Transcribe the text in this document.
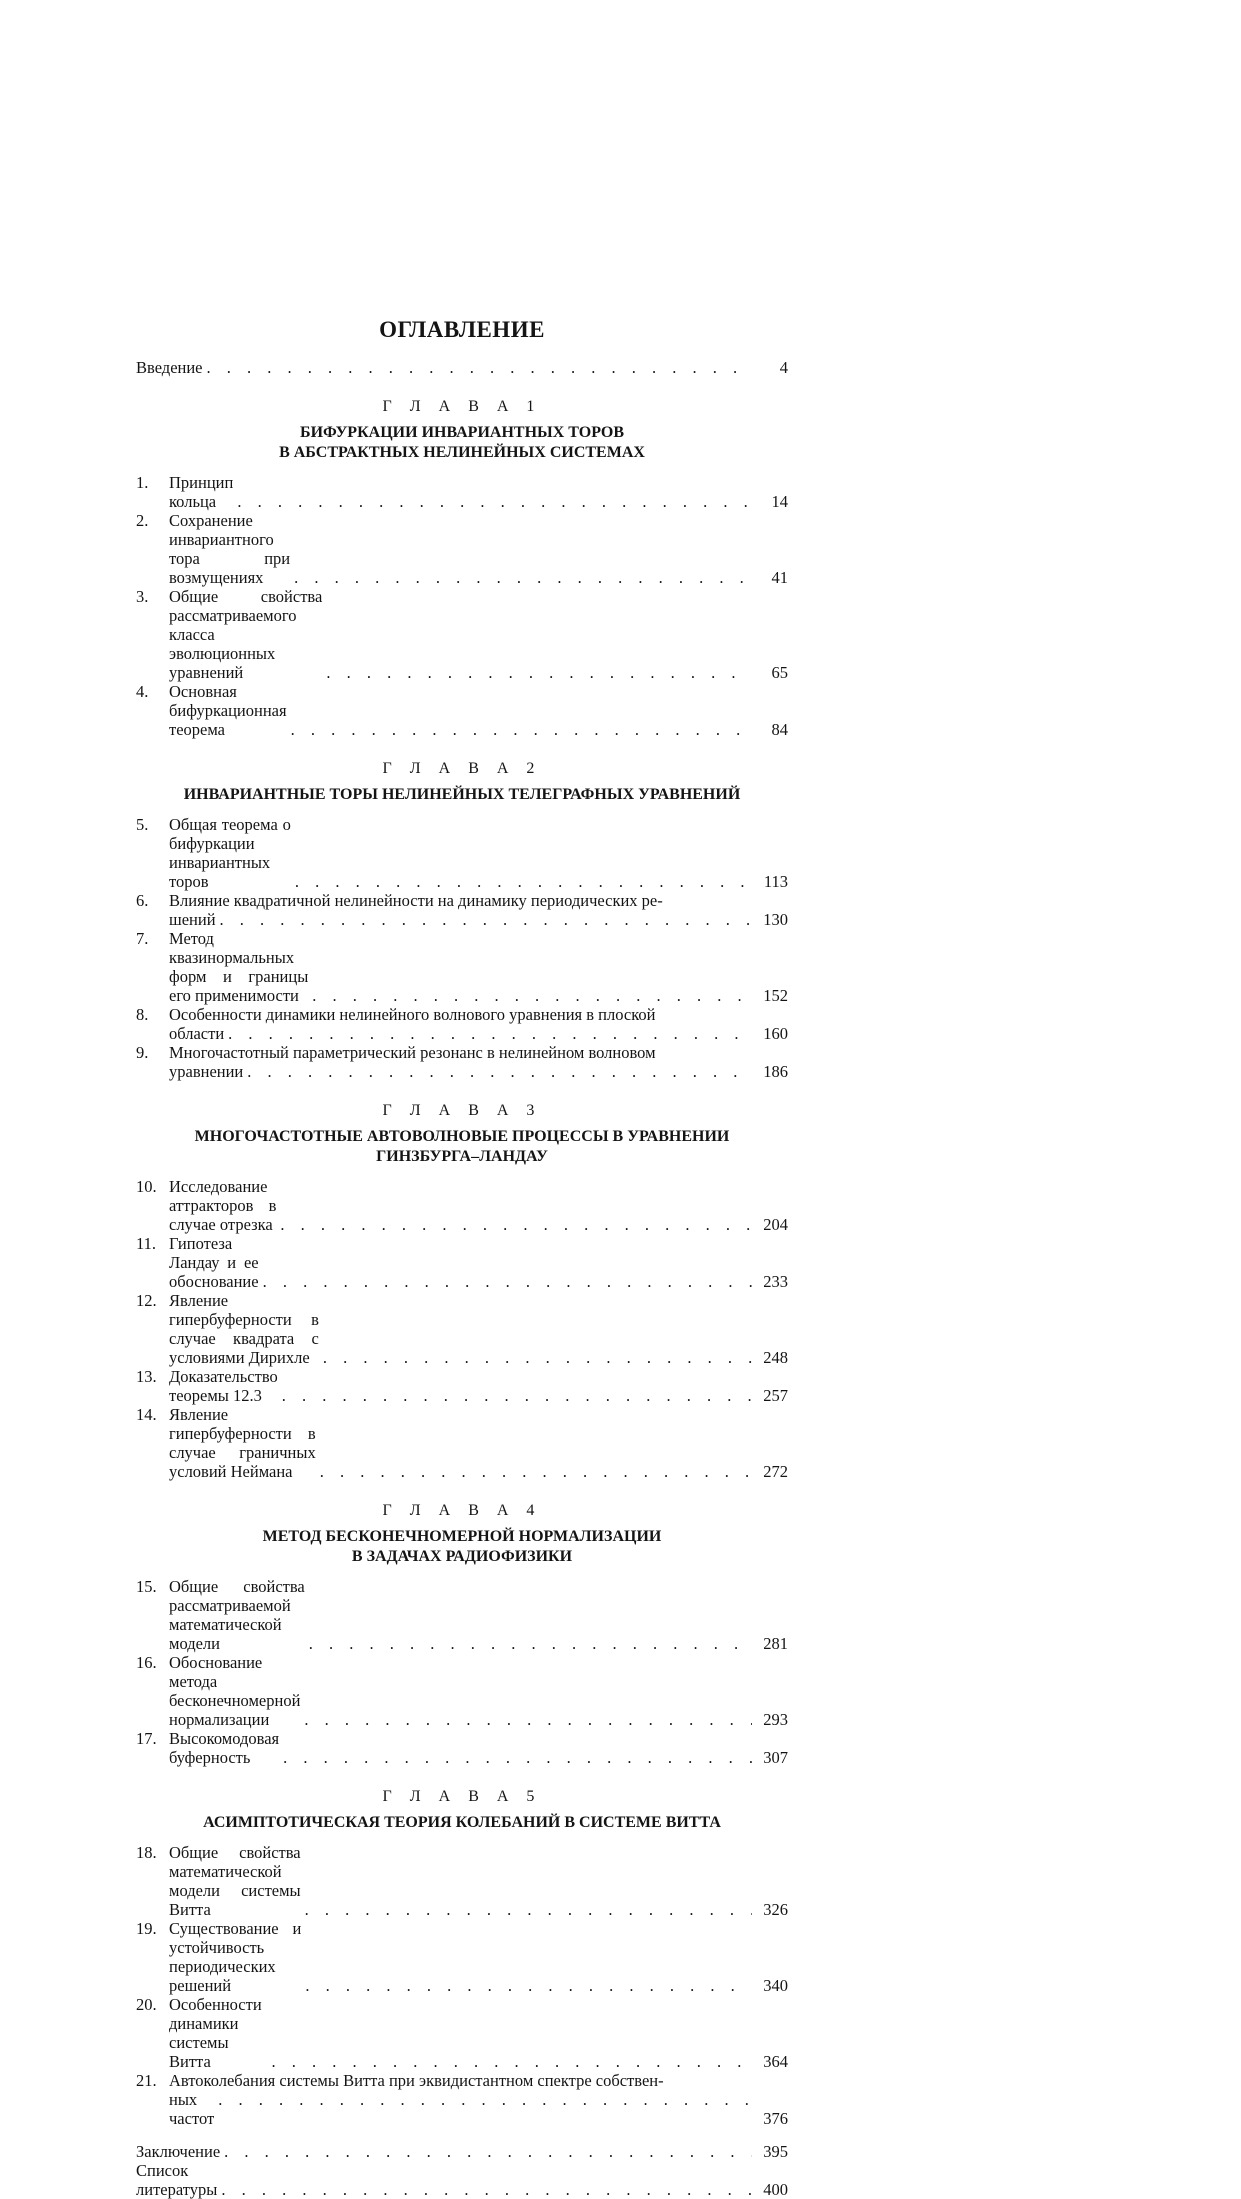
ОГЛАВЛЕНИЕ
Введение . . .	4
Г Л А В А 1
БИФУРКАЦИИ ИНВАРИАНТНЫХ ТОРОВ
В АБСТРАКТНЫХ НЕЛИНЕЙНЫХ СИСТЕМАХ
1.	Принцип кольца . . .	14
2.	Сохранение инвариантного тора при возмущениях . . .	41
3.	Общие свойства рассматриваемого класса эволюционных уравнений . . .	65
4.	Основная бифуркационная теорема . . .	84
Г Л А В А 2
ИНВАРИАНТНЫЕ ТОРЫ НЕЛИНЕЙНЫХ ТЕЛЕГРАФНЫХ УРАВНЕНИЙ
5.	Общая теорема о бифуркации инвариантных торов . . .	113
6.	Влияние квадратичной нелинейности на динамику периодических ре-
шений . . .	130
7.	Метод квазинормальных форм и границы его применимости . . .	152
8.	Особенности динамики нелинейного волнового уравнения в плоской
области . . .	160
9.	Многочастотный параметрический резонанс в нелинейном волновом
уравнении . . .	186
Г Л А В А 3
МНОГОЧАСТОТНЫЕ АВТОВОЛНОВЫЕ ПРОЦЕССЫ В УРАВНЕНИИ
ГИНЗБУРГА–ЛАНДАУ
10. Исследование аттракторов в случае отрезка . . .	204
11. Гипотеза Ландау и ее обоснование . . .	233
12. Явление гипербуферности в случае квадрата с условиями Дирихле . . .	248
13. Доказательство теоремы 12.3 . . .	257
14. Явление гипербуферности в случае граничных условий Неймана . . .	272
Г Л А В А 4
МЕТОД БЕСКОНЕЧНОМЕРНОЙ НОРМАЛИЗАЦИИ
В ЗАДАЧАХ РАДИОФИЗИКИ
15. Общие свойства рассматриваемой математической модели . . .	281
16. Обоснование метода бесконечномерной нормализации . . .	293
17. Высокомодовая буферность . . .	307
Г Л А В А 5
АСИМПТОТИЧЕСКАЯ ТЕОРИЯ КОЛЕБАНИЙ В СИСТЕМЕ ВИТТА
18. Общие свойства математической модели системы Витта . . .	326
19. Существование и устойчивость периодических решений . . .	340
20. Особенности динамики системы Витта . . .	364
21. Автоколебания системы Витта при эквидистантном спектре собствен-
ных частот . . .	376
Заключение . . .	395
Список литературы . . .	400
